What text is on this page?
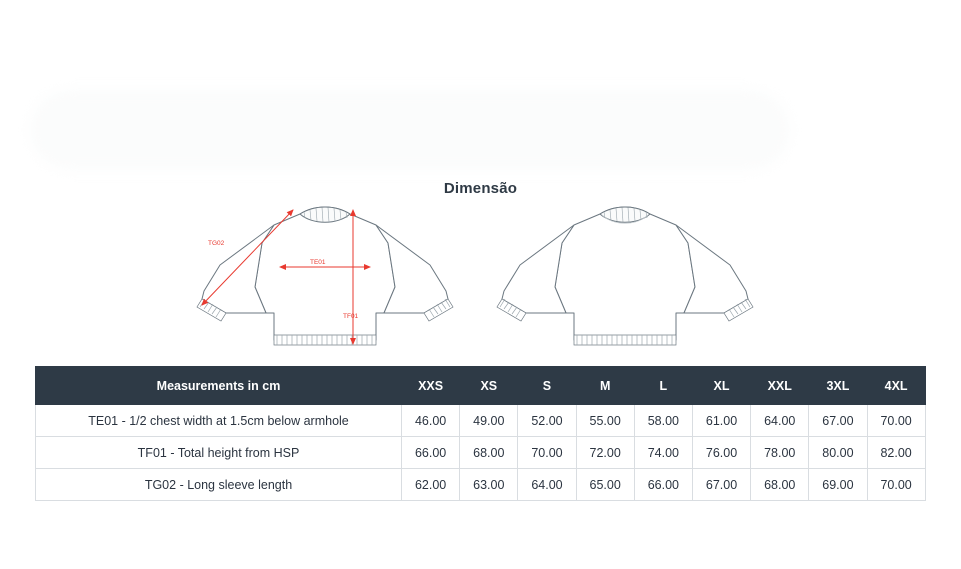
Dimensão
TG02
TE01
TF01
Measurements in cm	XXS	XS	S	M	L	XL	XXL	3XL	4XL
TE01 - 1/2 chest width at 1.5cm below armhole	46.00	49.00	52.00	55.00	58.00	61.00	64.00	67.00	70.00
TF01 - Total height from HSP	66.00	68.00	70.00	72.00	74.00	76.00	78.00	80.00	82.00
TG02 - Long sleeve length	62.00	63.00	64.00	65.00	66.00	67.00	68.00	69.00	70.00
